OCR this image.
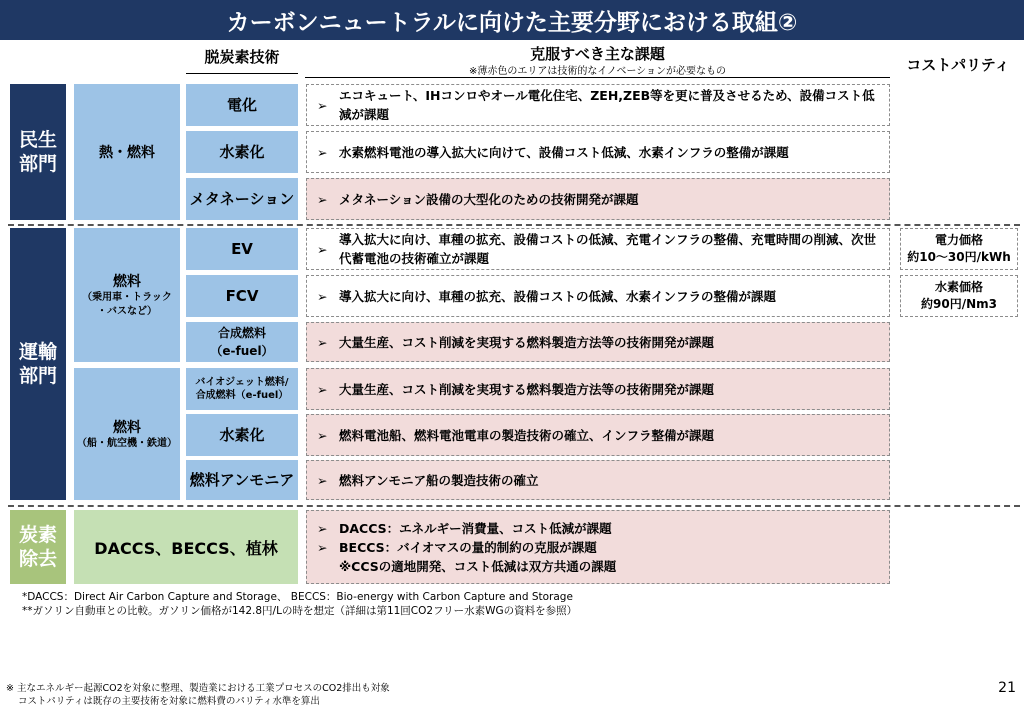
カーボンニュートラルに向けた主要分野における取組②
脱炭素技術	克服すべき主な課題
※薄赤色のエリアは技術的なイノベーションが必要なもの	コストパリティ
民生
部門
運輸
部門
炭素
除去
熱・燃料
燃料
（乗用車・トラック
・バスなど）
燃料
（船・航空機・鉄道）
DACCS、BECCS、植林
電化
水素化
メタネーション
EV
FCV
合成燃料
（e-fuel）
バイオジェット燃料/
合成燃料（e-fuel）
水素化
燃料アンモニア
➢
エコキュート、IHコンロやオール電化住宅、ZEH,ZEB等を更に普及させるため、設備コスト低減が課題
➢ 水素燃料電池の導入拡大に向けて、設備コスト低減、水素インフラの整備が課題
➢ メタネーション設備の大型化のための技術開発が課題
➢
導入拡大に向け、車種の拡充、設備コストの低減、充電インフラの整備、充電時間の削減、次世代蓄電池の技術確立が課題
➢ 導入拡大に向け、車種の拡充、設備コストの低減、水素インフラの整備が課題
➢ 大量生産、コスト削減を実現する燃料製造方法等の技術開発が課題
➢ 大量生産、コスト削減を実現する燃料製造方法等の技術開発が課題
➢ 燃料電池船、燃料電池電車の製造技術の確立、インフラ整備が課題
➢ 燃料アンモニア船の製造技術の確立
➢ DACCS：エネルギー消費量、コスト低減が課題
➢ BECCS：バイオマスの量的制約の克服が課題
※CCSの適地開発、コスト低減は双方共通の課題
電力価格
約10～30円/kWh
水素価格
約90円/Nm3
*DACCS：Direct Air Carbon Capture and Storage、 BECCS：Bio-energy with Carbon Capture and Storage
**ガソリン自動車との比較。ガソリン価格が142.8円/Lの時を想定（詳細は第11回CO2フリー水素WGの資料を参照）
※ 主なエネルギー起源CO2を対象に整理、製造業における工業プロセスのCO2排出も対象
コストパリティは既存の主要技術を対象に燃料費のパリティ水準を算出
21
